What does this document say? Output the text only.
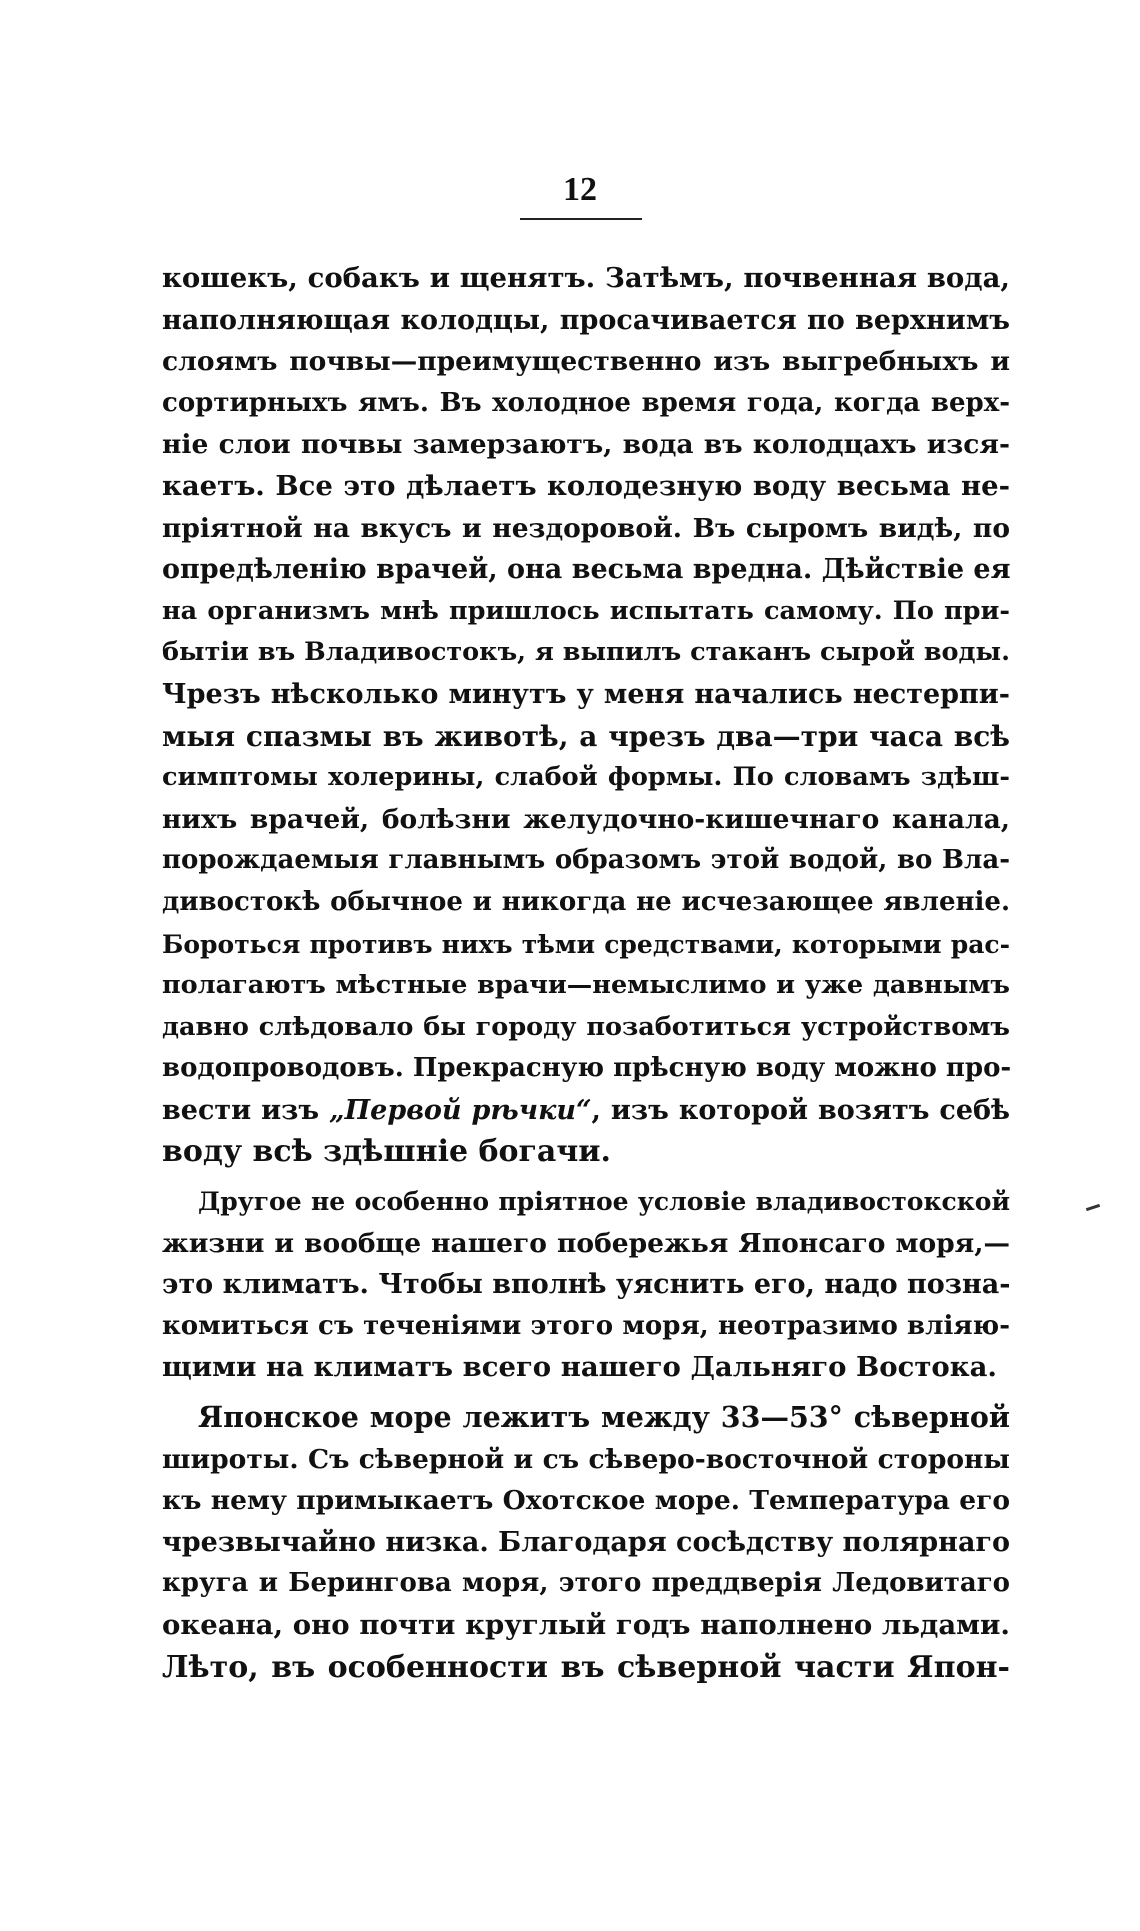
12
кошекъ, собакъ и щенятъ. Затѣмъ, почвенная вода,
наполняющая колодцы, просачивается по верхнимъ
слоямъ почвы—преимущественно изъ выгребныхъ и
сортирныхъ ямъ. Въ холодное время года, когда верх-
ніе слои почвы замерзаютъ, вода въ колодцахъ изся-
каетъ. Все это дѣлаетъ колодезную воду весьма не-
пріятной на вкусъ и нездоровой. Въ сыромъ видѣ, по
опредѣленію врачей, она весьма вредна. Дѣйствіе ея
на организмъ мнѣ пришлось испытать самому. По при-
бытіи въ Владивостокъ, я выпилъ стаканъ сырой воды.
Чрезъ нѣсколько минутъ у меня начались нестерпи-
мыя спазмы въ животѣ, а чрезъ два—три часа всѣ
симптомы холерины, слабой формы. По словамъ здѣш-
нихъ врачей, болѣзни желудочно-кишечнаго канала,
порождаемыя главнымъ образомъ этой водой, во Вла-
дивостокѣ обычное и никогда не исчезающее явленіе.
Бороться противъ нихъ тѣми средствами, которыми рас-
полагаютъ мѣстные врачи—немыслимо и уже давнымъ
давно слѣдовало бы городу позаботиться устройствомъ
водопроводовъ. Прекрасную прѣсную воду можно про-
вести изъ „Первой рѣчки“, изъ которой возятъ себѣ
воду всѣ здѣшніе богачи.
Другое не особенно пріятное условіе владивостокской
жизни и вообще нашего побережья Японсаго моря,—
это климатъ. Чтобы вполнѣ уяснить его, надо позна-
комиться съ теченіями этого моря, неотразимо вліяю-
щими на климатъ всего нашего Дальняго Востока.
Японское море лежитъ между 33—53° сѣверной
широты. Съ сѣверной и съ сѣверо-восточной стороны
къ нему примыкаетъ Охотское море. Температура его
чрезвычайно низка. Благодаря сосѣдству полярнаго
круга и Берингова моря, этого преддверія Ледовитаго
океана, оно почти круглый годъ наполнено льдами.
Лѣто, въ особенности въ сѣверной части Япон-
